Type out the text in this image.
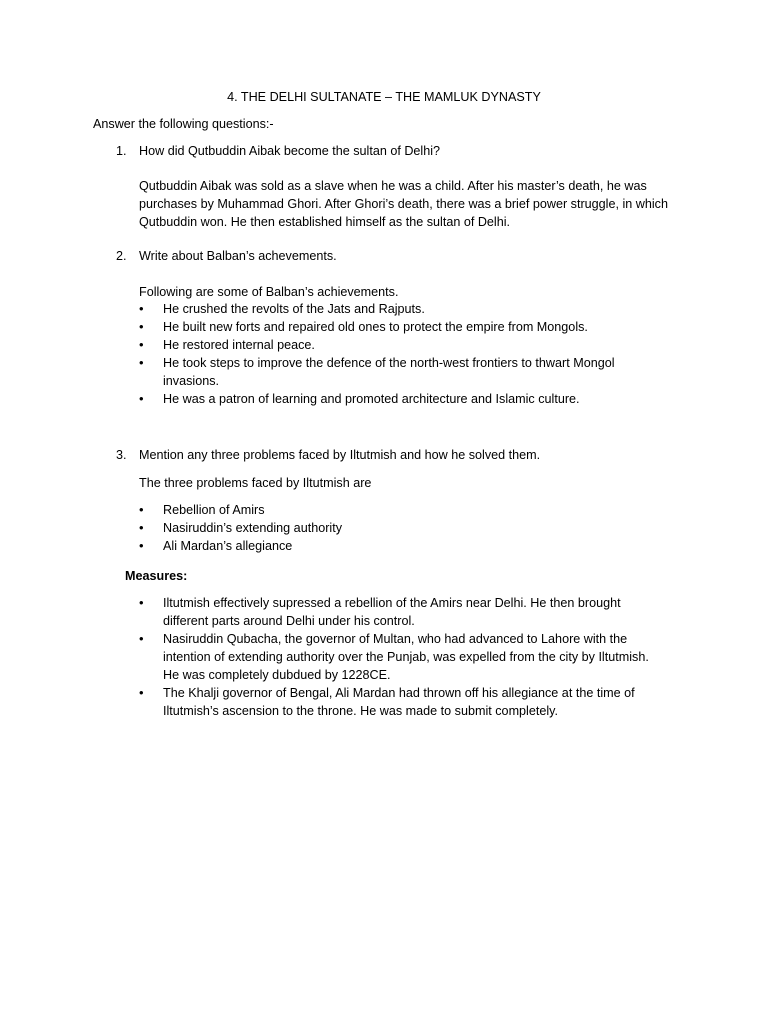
4. THE DELHI SULTANATE – THE MAMLUK DYNASTY
Answer the following questions:-
1. How did Qutbuddin Aibak become the sultan of Delhi?
Qutbuddin Aibak was sold as a slave when he was a child. After his master’s death, he was purchases by Muhammad Ghori. After Ghori’s death, there was a brief power struggle, in which Qutbuddin won. He then established himself as the sultan of Delhi.
2. Write about Balban’s achevements.
Following are some of Balban’s achievements.
• He crushed the revolts of the Jats and Rajputs.
• He built new forts and repaired old ones to protect the empire from Mongols.
• He restored internal peace.
• He took steps to improve the defence of the north-west frontiers to thwart Mongol invasions.
• He was a patron of learning and promoted architecture and Islamic culture.
3. Mention any three problems faced by Iltutmish and how he solved them.
The three problems faced by Iltutmish are
• Rebellion of Amirs
• Nasiruddin’s extending authority
• Ali Mardan’s allegiance
Measures:
• Iltutmish effectively supressed a rebellion of the Amirs near Delhi. He then brought different parts around Delhi under his control.
• Nasiruddin Qubacha, the governor of Multan, who had advanced to Lahore with the intention of extending authority over the Punjab, was expelled from the city by Iltutmish. He was completely dubdued by 1228CE.
• The Khalji governor of Bengal, Ali Mardan had thrown off his allegiance at the time of Iltutmish’s ascension to the throne. He was made to submit completely.
